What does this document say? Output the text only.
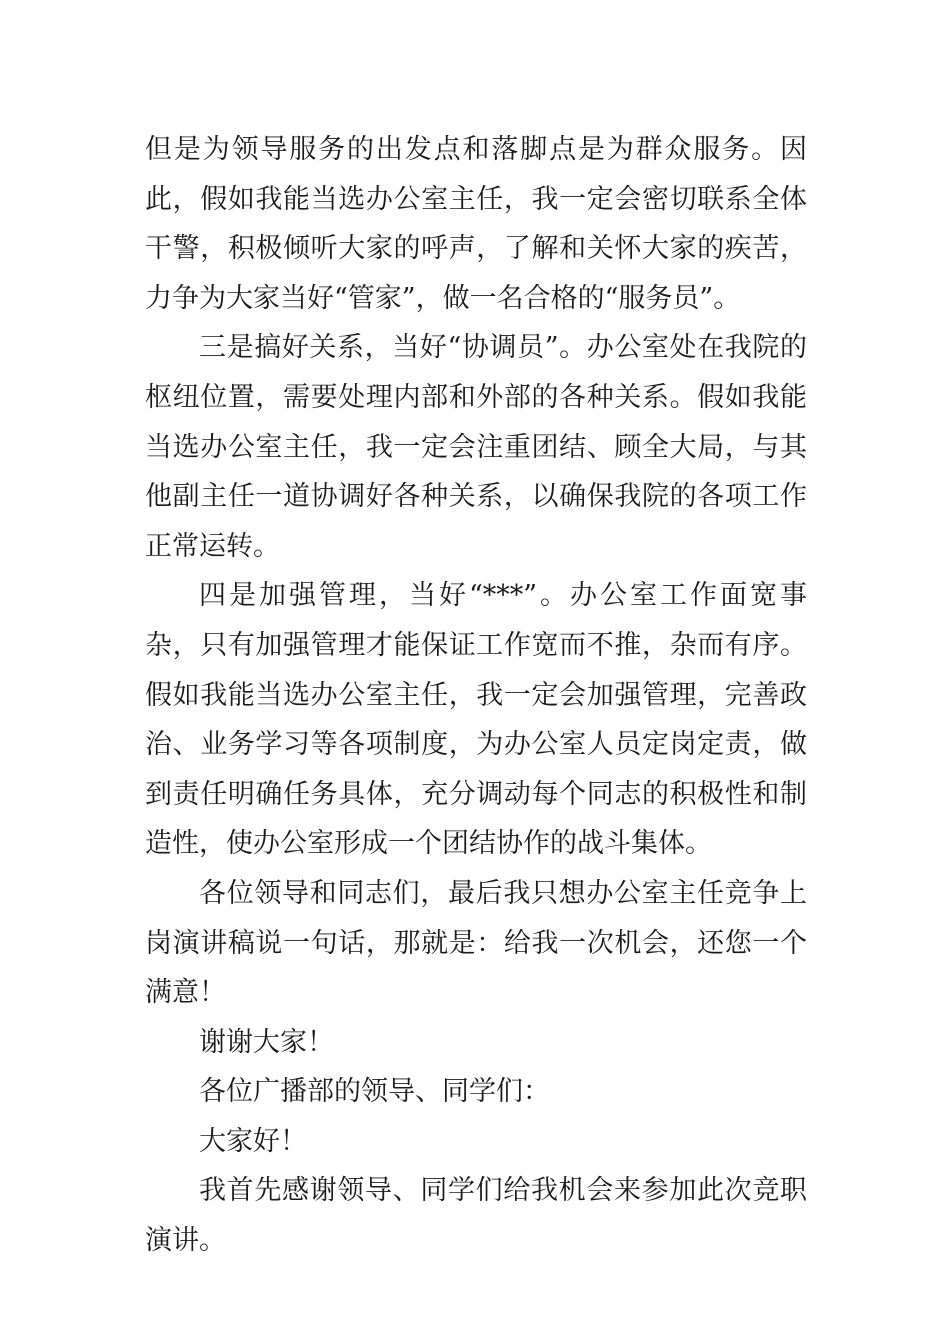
但是为领导服务的出发点和落脚点是为群众服务。因此，假如我能当选办公室主任，我一定会密切联系全体干警，积极倾听大家的呼声，了解和关怀大家的疾苦，力争为大家当好“管家”，做一名合格的“服务员”。

三是搞好关系，当好“协调员”。办公室处在我院的枢纽位置，需要处理内部和外部的各种关系。假如我能当选办公室主任，我一定会注重团结、顾全大局，与其他副主任一道协调好各种关系，以确保我院的各项工作正常运转。

四是加强管理，当好“***”。办公室工作面宽事杂，只有加强管理才能保证工作宽而不推，杂而有序。假如我能当选办公室主任，我一定会加强管理，完善政治、业务学习等各项制度，为办公室人员定岗定责，做到责任明确任务具体，充分调动每个同志的积极性和制造性，使办公室形成一个团结协作的战斗集体。

各位领导和同志们，最后我只想办公室主任竞争上岗演讲稿说一句话，那就是：给我一次机会，还您一个满意！

谢谢大家！

各位广播部的领导、同学们：

大家好！

我首先感谢领导、同学们给我机会来参加此次竞职演讲。
